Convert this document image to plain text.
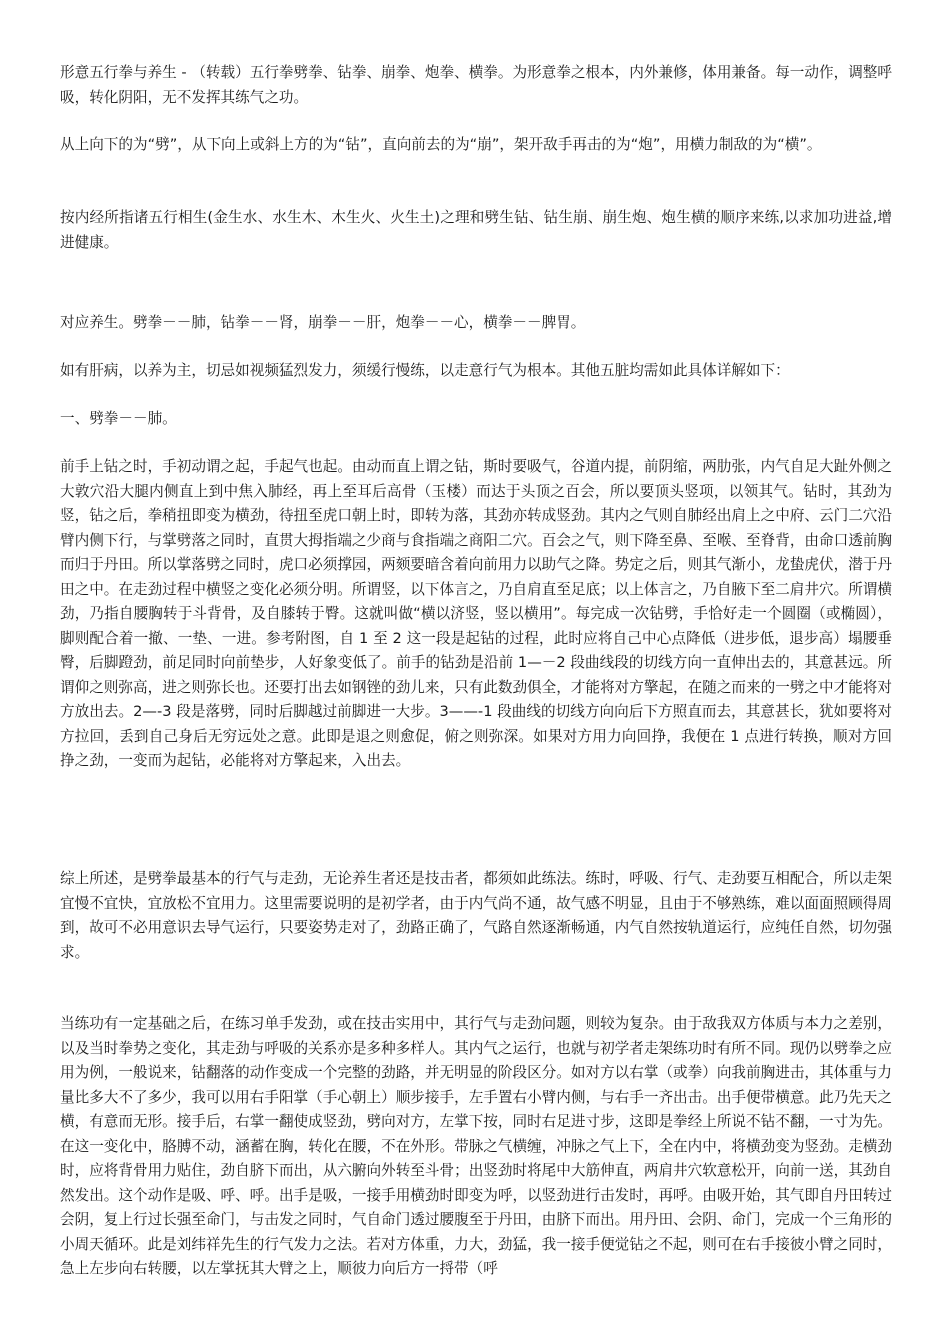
形意五行拳与养生 - （转载）五行拳劈拳、钻拳、崩拳、炮拳、横拳。为形意拳之根本，内外兼修，体用兼备。每一动作，调整呼吸，转化阴阳，无不发挥其练气之功。

从上向下的为“劈”，从下向上或斜上方的为“钻”，直向前去的为“崩”，架开敌手再击的为“炮”，用横力制敌的为“横”。

按内经所指诸五行相生(金生水、水生木、木生火、火生土)之理和劈生钻、钻生崩、崩生炮、炮生横的顺序来练,以求加功进益,增进健康。

对应养生。劈拳－－肺，钻拳－－肾，崩拳－－肝，炮拳－－心，横拳－－脾胃。

如有肝病，以养为主，切忌如视频猛烈发力，须缓行慢练，以走意行气为根本。其他五脏均需如此具体详解如下：

一、劈拳－－肺。

前手上钻之时，手初动谓之起，手起气也起。由动而直上谓之钻，斯时要吸气，谷道内提，前阴缩，两肋张，内气自足大趾外侧之大敦穴沿大腿内侧直上到中焦入肺经，再上至耳后高骨（玉楼）而达于头顶之百会，所以要顶头竖项，以领其气。钻时，其劲为竖，钻之后，拳稍扭即变为横劲，待扭至虎口朝上时，即转为落，其劲亦转成竖劲。其内之气则自肺经出肩上之中府、云门二穴沿臂内侧下行，与掌劈落之同时，直贯大拇指端之少商与食指端之商阳二穴。百会之气，则下降至鼻、至喉、至脊背，由命口透前胸而归于丹田。所以掌落劈之同时，虎口必须撑园，两颏要暗含着向前用力以助气之降。势定之后，则其气渐小，龙蛰虎伏，潜于丹田之中。在走劲过程中横竖之变化必须分明。所谓竖，以下体言之，乃自肩直至足底；以上体言之，乃自腋下至二肩井穴。所谓横劲，乃指自腰胸转于斗背骨，及自膝转于臀。这就叫做“横以济竖，竖以横用”。每完成一次钻劈，手恰好走一个圆圈（或椭圆），脚则配合着一撤、一垫、一进。参考附图，自 1 至 2 这一段是起钻的过程，此时应将自己中心点降低（进步低，退步高）塌腰垂臀，后脚蹬劲，前足同时向前垫步，人好象变低了。前手的钻劲是沿前 1—－2 段曲线段的切线方向一直伸出去的，其意甚远。所谓仰之则弥高，进之则弥长也。还要打出去如钢锉的劲儿来，只有此数劲俱全，才能将对方擎起，在随之而来的一劈之中才能将对方放出去。2—-3 段是落劈，同时后脚越过前脚进一大步。3——-1 段曲线的切线方向向后下方照直而去，其意甚长，犹如要将对方拉回，丢到自己身后无穷远处之意。此即是退之则愈促，俯之则弥深。如果对方用力向回挣，我便在 1 点进行转换，顺对方回挣之劲，一变而为起钻，必能将对方擎起来，入出去。

综上所述，是劈拳最基本的行气与走劲，无论养生者还是技击者，都须如此练法。练时，呼吸、行气、走劲要互相配合，所以走架宜慢不宜快，宜放松不宜用力。这里需要说明的是初学者，由于内气尚不通，故气感不明显，且由于不够熟练，难以面面照顾得周到，故可不必用意识去导气运行，只要姿势走对了，劲路正确了，气路自然逐渐畅通，内气自然按轨道运行，应纯任自然，切勿强求。

当练功有一定基础之后，在练习单手发劲，或在技击实用中，其行气与走劲问题，则较为复杂。由于敌我双方体质与本力之差别，以及当时拳势之变化，其走劲与呼吸的关系亦是多种多样人。其内气之运行，也就与初学者走架练功时有所不同。现仍以劈拳之应用为例，一般说来，钻翻落的动作变成一个完整的劲路，并无明显的阶段区分。如对方以右掌（或拳）向我前胸进击，其体重与力量比多大不了多少，我可以用右手阳掌（手心朝上）顺步接手，左手置右小臂内侧，与右手一齐出击。出手便带横意。此乃先天之横，有意而无形。接手后，右掌一翻使成竖劲，劈向对方，左掌下按，同时右足进寸步，这即是拳经上所说不钻不翻，一寸为先。在这一变化中，胳膊不动，涵蓄在胸，转化在腰，不在外形。带脉之气横缠，冲脉之气上下，全在内中，将横劲变为竖劲。走横劲时，应将背骨用力贴住，劲自脐下而出，从六腑向外转至斗骨；出竖劲时将尾中大筋伸直，两肩井穴软意松开，向前一送，其劲自然发出。这个动作是吸、呼、呼。出手是吸，一接手用横劲时即变为呼，以竖劲进行击发时，再呼。由吸开始，其气即自丹田转过会阴，复上行过长强至命门，与击发之同时，气自命门透过腰腹至于丹田，由脐下而出。用丹田、会阴、命门，完成一个三角形的小周天循环。此是刘纬祥先生的行气发力之法。若对方体重，力大，劲猛，我一接手便觉钻之不起，则可在右手接彼小臂之同时，急上左步向右转腰，以左掌抚其大臂之上，顺彼力向后方一捋带（呼
